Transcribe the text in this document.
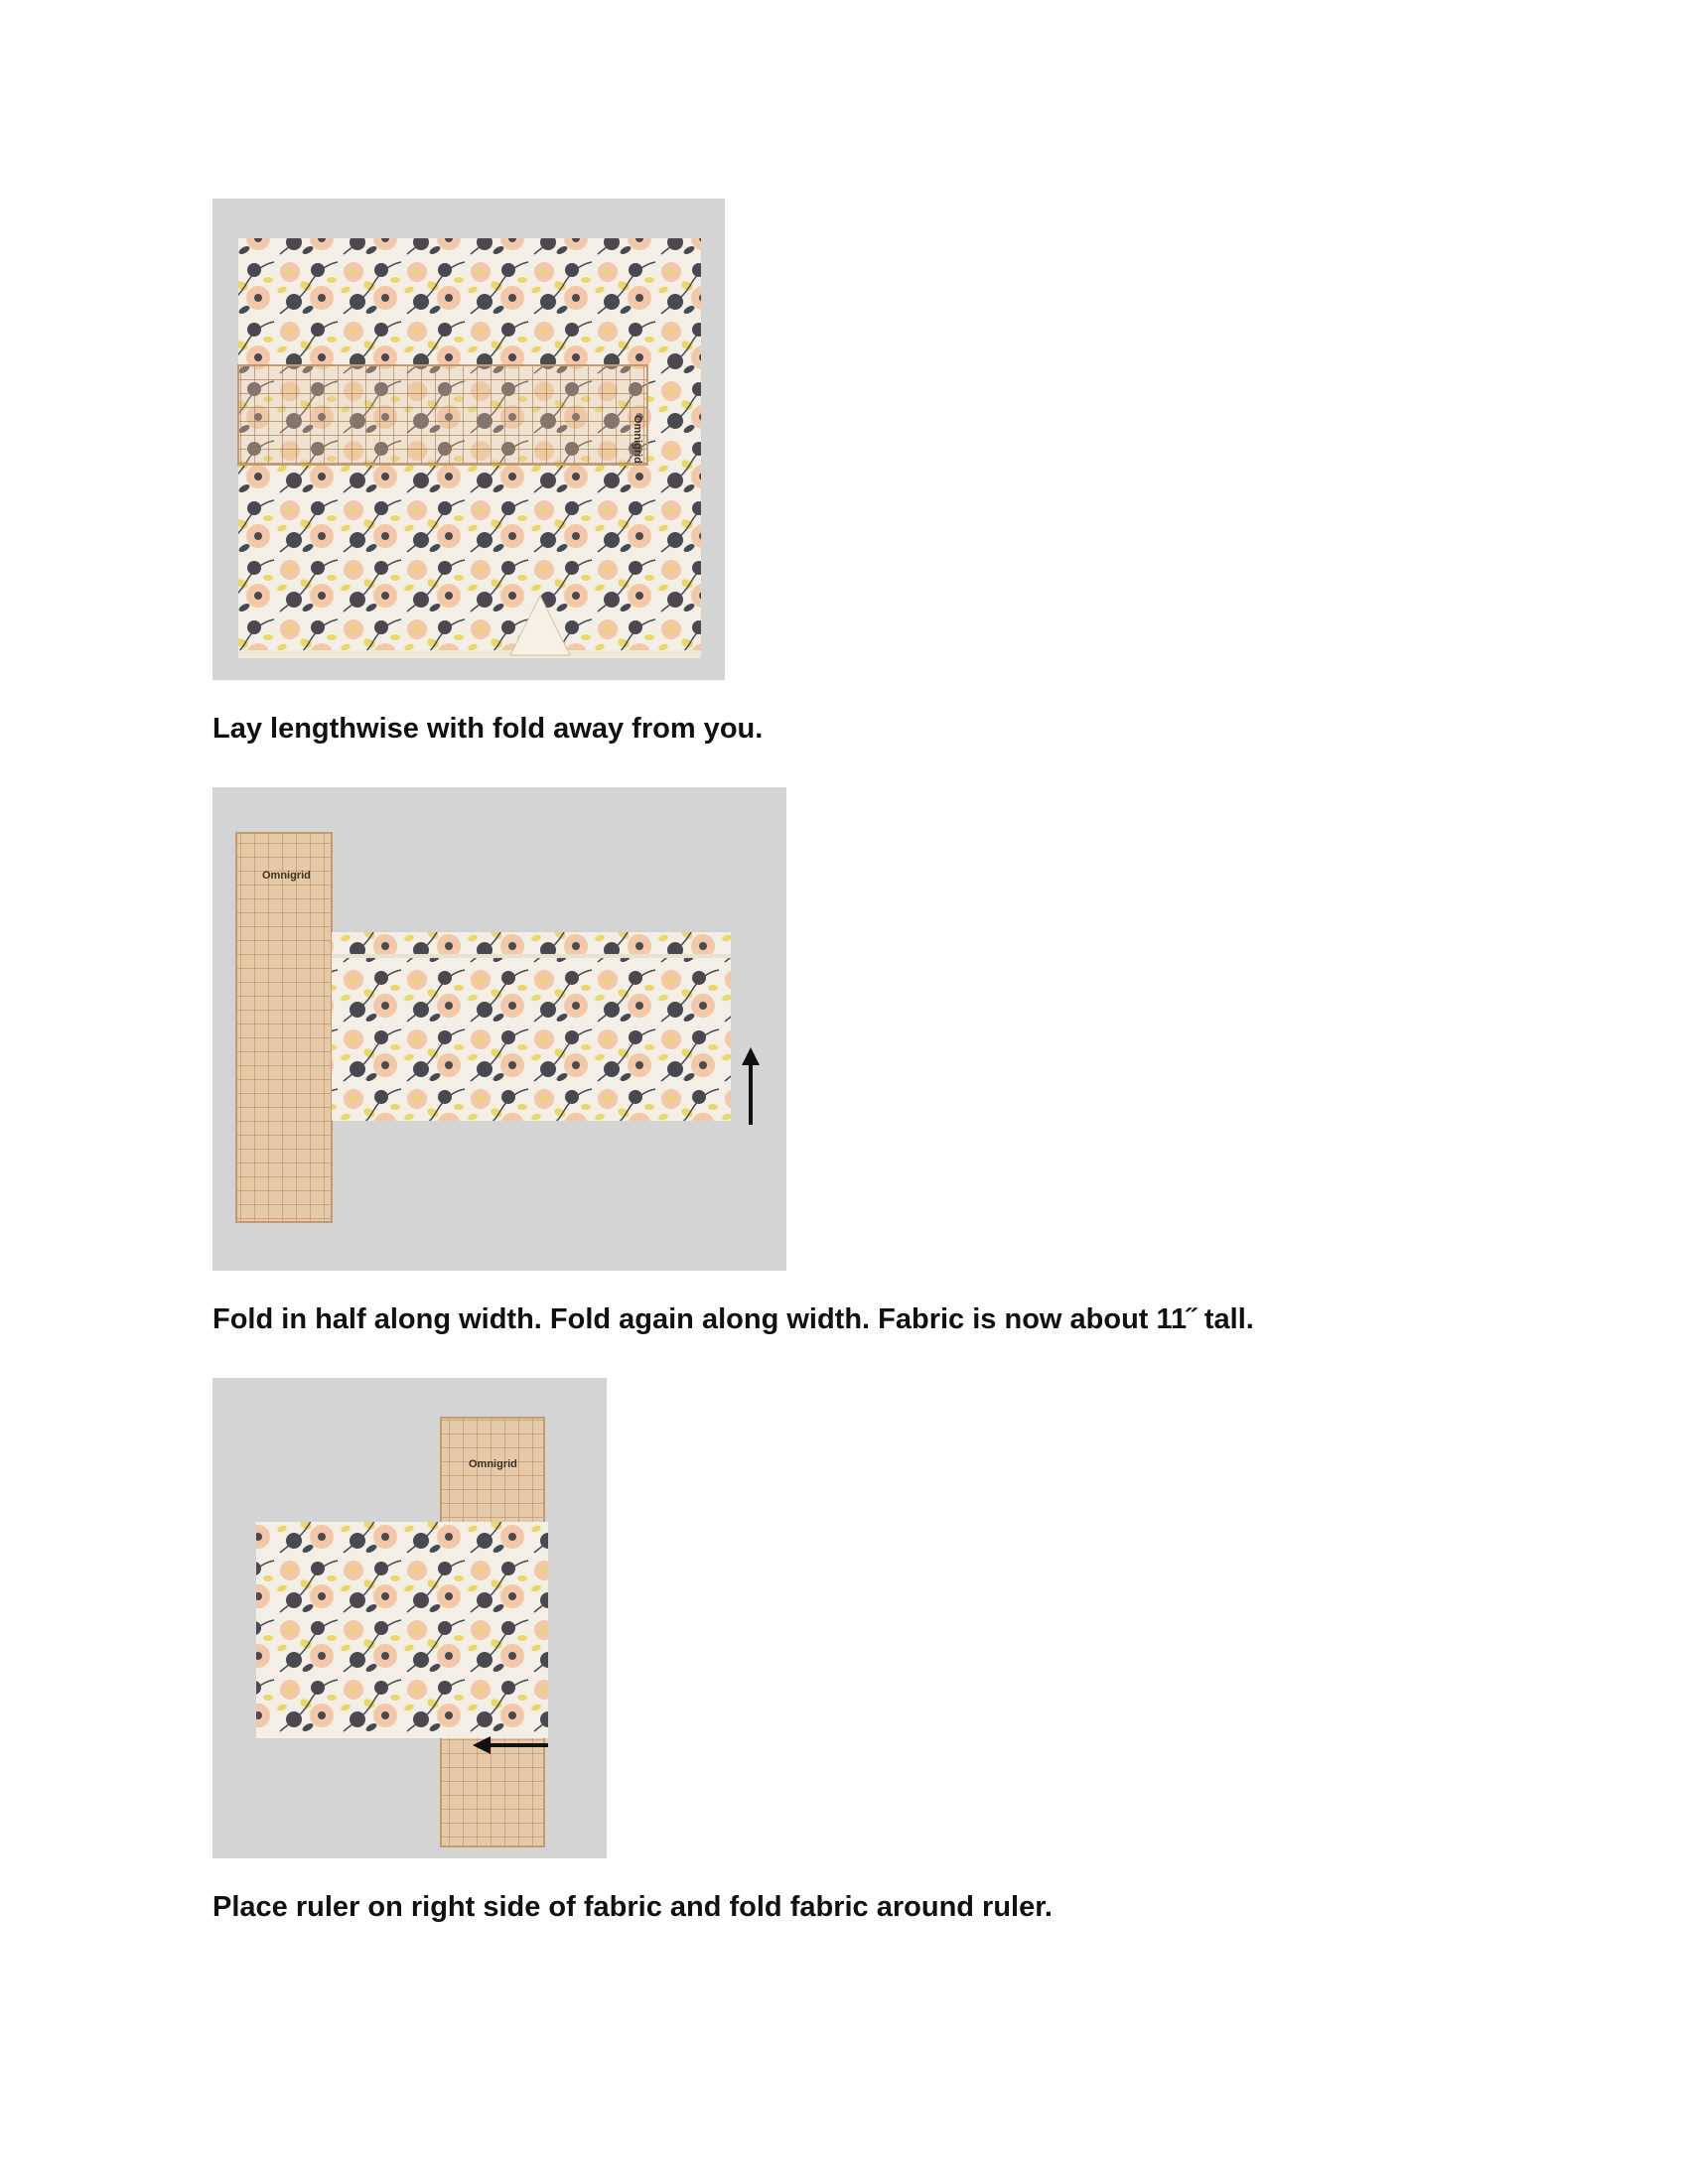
Omnigrid

Lay lengthwise with fold away from you.

Omnigrid

Fold in half along width. Fold again along width. Fabric is now about 11˝ tall.

Omnigrid

Place ruler on right side of fabric and fold fabric around ruler.
